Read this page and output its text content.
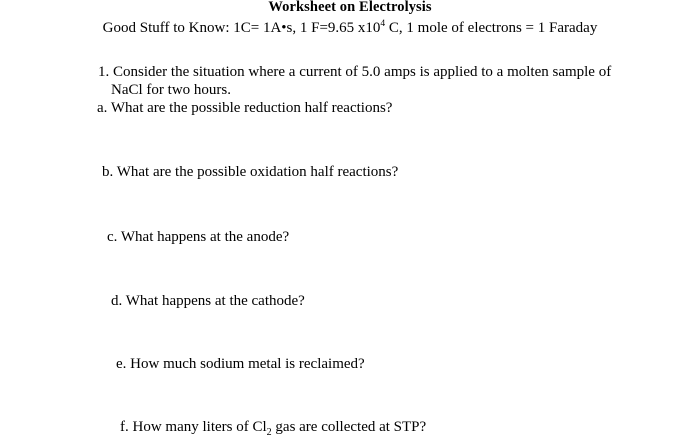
Worksheet on Electrolysis
Good Stuff to Know: 1C= 1A•s, 1 F=9.65 $x10^4$ C, 1 mole of electrons = 1 Faraday
1. Consider the situation where a current of 5.0 amps is applied to a molten sample of NaCl for two hours.
a. What are the possible reduction half reactions?
b. What are the possible oxidation half reactions?
c. What happens at the anode?
d. What happens at the cathode?
e. How much sodium metal is reclaimed?
f. How many liters of $Cl_2$ gas are collected at STP?
